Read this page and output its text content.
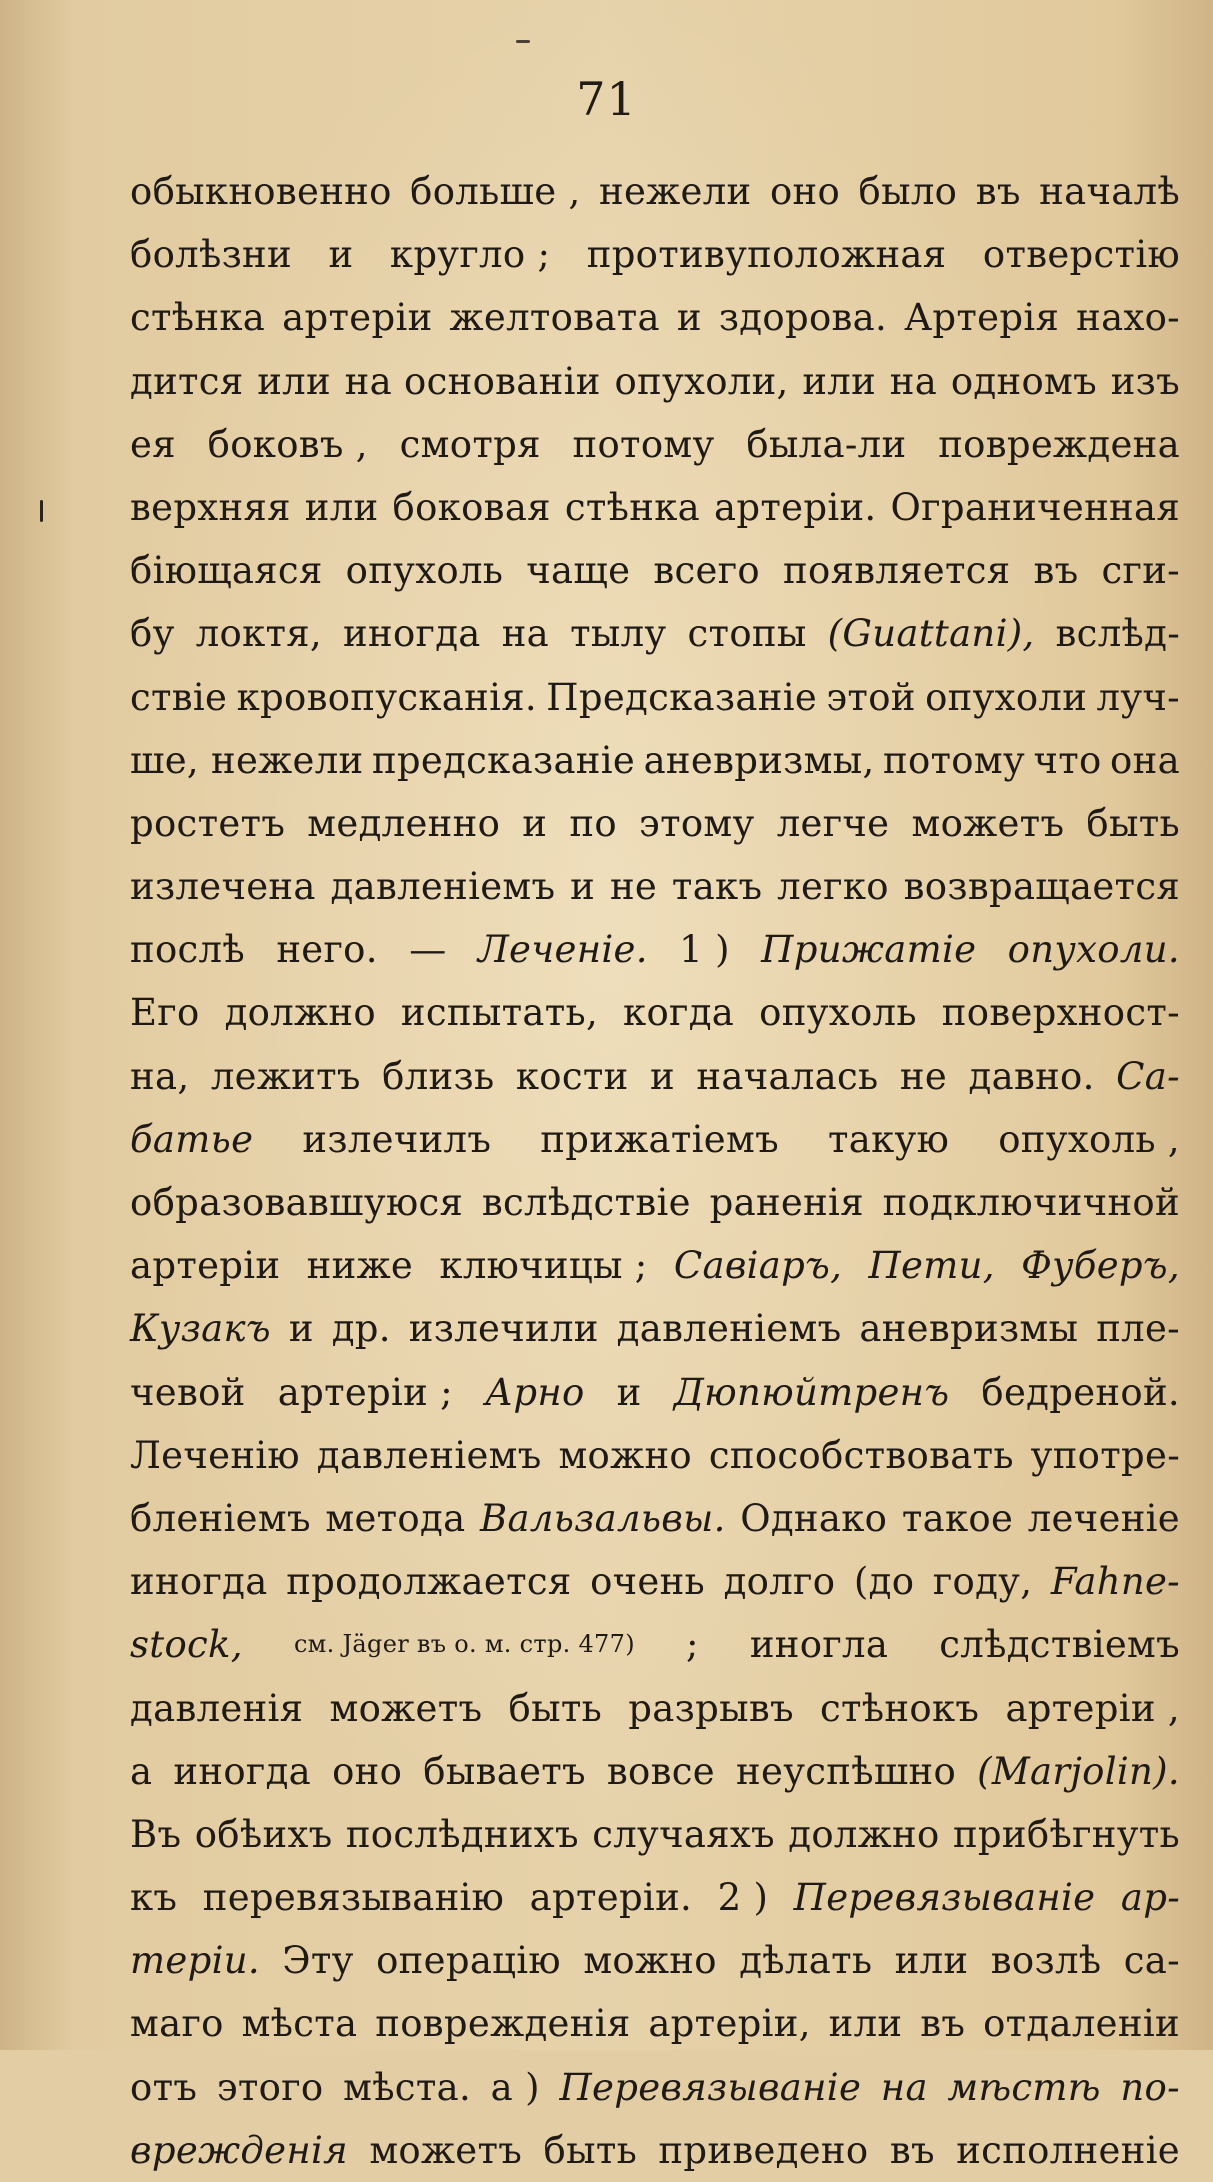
71
обыкновенно больше , нежели оно было въ началѣ
болѣзни и кругло ; противуположная отверстію
стѣнка артеріи желтовата и здорова. Артерія нахо-
дится или на основаніи опухоли, или на одномъ изъ
ея боковъ , смотря потому была-ли повреждена
верхняя или боковая стѣнка артеріи. Ограниченная
біющаяся опухоль чаще всего появляется въ сги-
бу локтя, иногда на тылу стопы (Guattani), вслѣд-
ствіе кровопусканія. Предсказаніе этой опухоли луч-
ше, нежели предсказаніе аневризмы, потому что она
ростетъ медленно и по этому легче можетъ быть
излечена давленіемъ и не такъ легко возвращается
послѣ него. — Леченіе. 1 ) Прижатіе опухоли.
Его должно испытать, когда опухоль поверхност-
на, лежитъ близь кости и началась не давно. Са-
батье излечилъ прижатіемъ такую опухоль ,
образовавшуюся вслѣдствіе раненія подключичной
артеріи ниже ключицы ; Савіаръ, Пети, Фуберъ,
Кузакъ и др. излечили давленіемъ аневризмы пле-
чевой артеріи ; Арно и Дюпюйтренъ бедреной.
Леченію давленіемъ можно способствовать употре-
бленіемъ метода Вальзальвы. Однако такое леченіе
иногда продолжается очень долго (до году, Fahne-
stock, см. Jäger въ о. м. стр. 477) ; иногла слѣдствіемъ
давленія можетъ быть разрывъ стѣнокъ артеріи ,
а иногда оно бываетъ вовсе неуспѣшно (Marjolin).
Въ обѣихъ послѣднихъ случаяхъ должно прибѣгнуть
къ перевязыванію артеріи. 2 ) Перевязываніе ар-
теріи. Эту операцію можно дѣлать или возлѣ са-
маго мѣста поврежденія артеріи, или въ отдаленіи
отъ этого мѣста. а ) Перевязываніе на мѣстѣ по-
врежденія можетъ быть приведено въ исполненіе
